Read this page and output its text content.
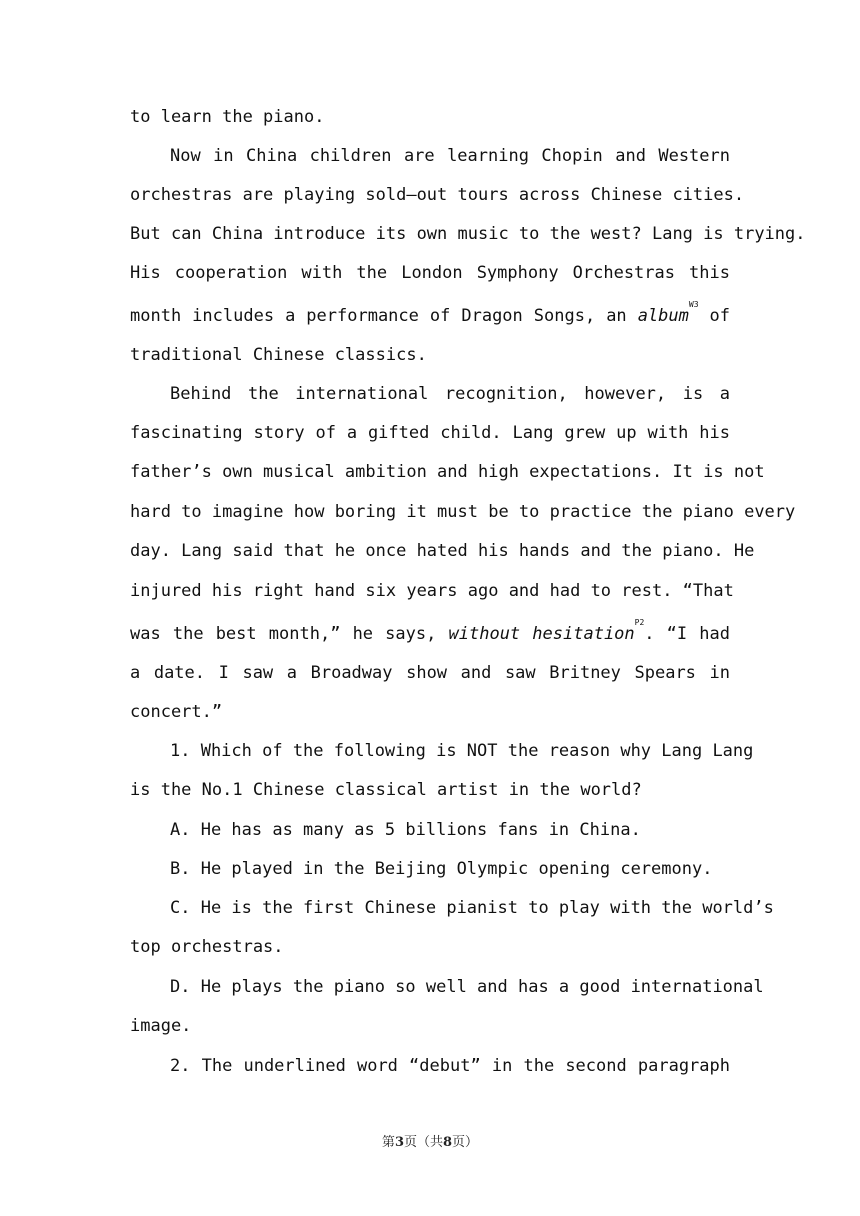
to learn the piano.
Now in China children are learning Chopin and Western
orchestras are playing sold—out tours across Chinese cities.
But can China introduce its own music to the west? Lang is trying.
His cooperation with the London Symphony Orchestras this
month includes a performance of Dragon Songs, an album$^{W3}$ of
traditional Chinese classics.
Behind the international recognition, however, is a
fascinating story of a gifted child. Lang grew up with his
father’s own musical ambition and high expectations. It is not
hard to imagine how boring it must be to practice the piano every
day. Lang said that he once hated his hands and the piano. He
injured his right hand six years ago and had to rest. “That
was the best month,” he says, without hesitation$^{P2}$. “I had
a date. I saw a Broadway show and saw Britney Spears in
concert.”
1. Which of the following is NOT the reason why Lang Lang
is the No.1 Chinese classical artist in the world?
A. He has as many as 5 billions fans in China.
B. He played in the Beijing Olympic opening ceremony.
C. He is the first Chinese pianist to play with the world’s
top orchestras.
D. He plays the piano so well and has a good international
image.
2. The underlined word “debut” in the second paragraph
第3页（共8页）
